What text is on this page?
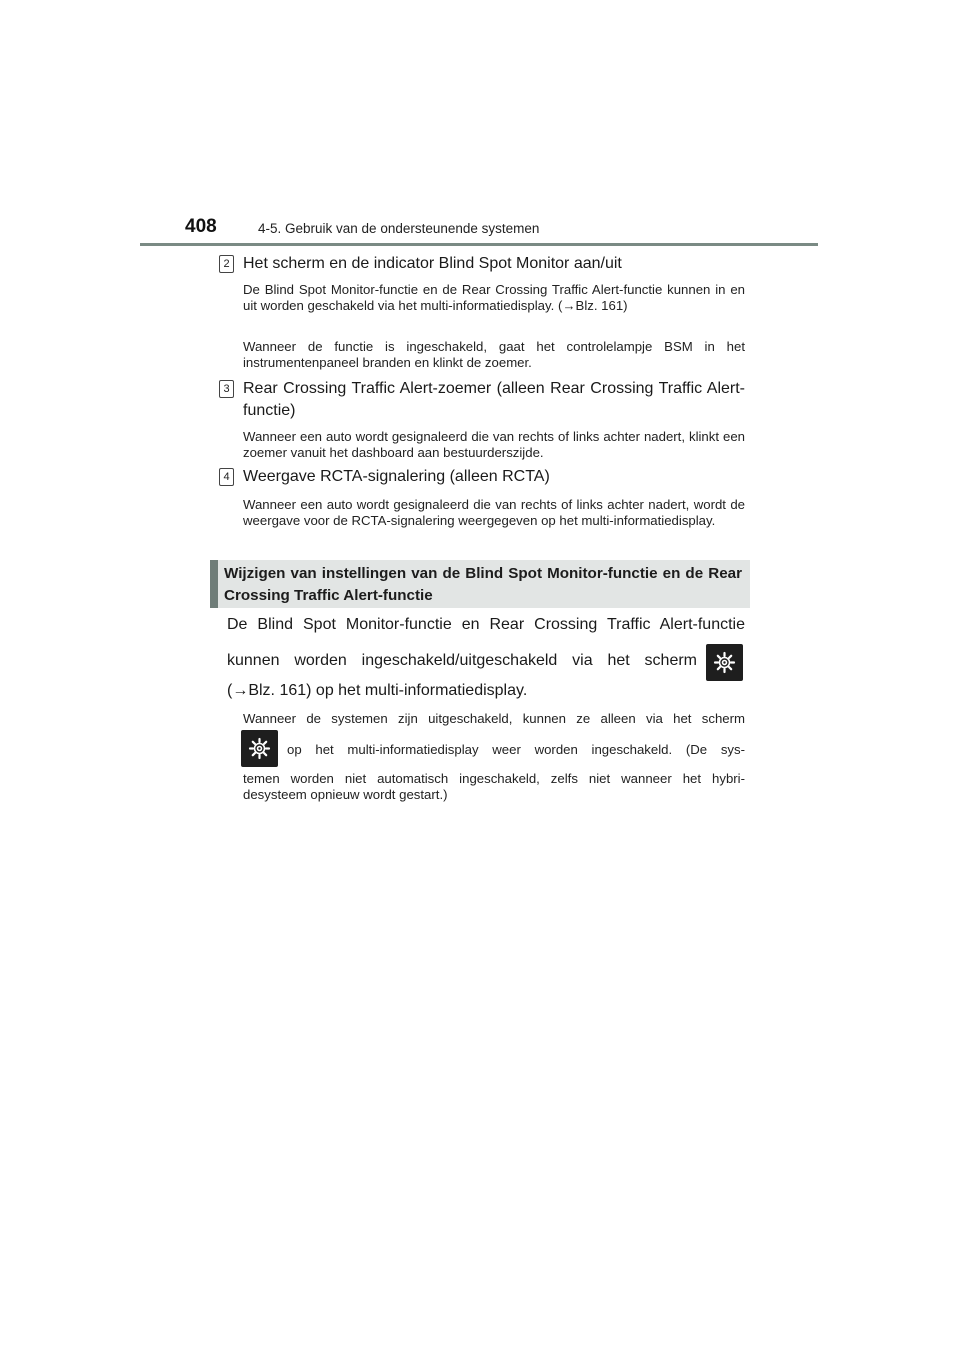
408	4-5. Gebruik van de ondersteunende systemen
2 Het scherm en de indicator Blind Spot Monitor aan/uit
De Blind Spot Monitor-functie en de Rear Crossing Traffic Alert-functie kunnen in en uit worden geschakeld via het multi-informatiedisplay. (→Blz. 161)
Wanneer de functie is ingeschakeld, gaat het controlelampje BSM in het instrumentenpaneel branden en klinkt de zoemer.
3 Rear Crossing Traffic Alert-zoemer (alleen Rear Crossing Traffic Alert-functie)
Wanneer een auto wordt gesignaleerd die van rechts of links achter nadert, klinkt een zoemer vanuit het dashboard aan bestuurderszijde.
4 Weergave RCTA-signalering (alleen RCTA)
Wanneer een auto wordt gesignaleerd die van rechts of links achter nadert, wordt de weergave voor de RCTA-signalering weergegeven op het multi-informatiedisplay.
Wijzigen van instellingen van de Blind Spot Monitor-functie en de Rear Crossing Traffic Alert-functie
De Blind Spot Monitor-functie en Rear Crossing Traffic Alert-functie
kunnen worden ingeschakeld/uitgeschakeld via het scherm
(→Blz. 161) op het multi-informatiedisplay.
Wanneer de systemen zijn uitgeschakeld, kunnen ze alleen via het scherm
op het multi-informatiedisplay weer worden ingeschakeld. (De sys-
temen worden niet automatisch ingeschakeld, zelfs niet wanneer het hybri-
desysteem opnieuw wordt gestart.)
